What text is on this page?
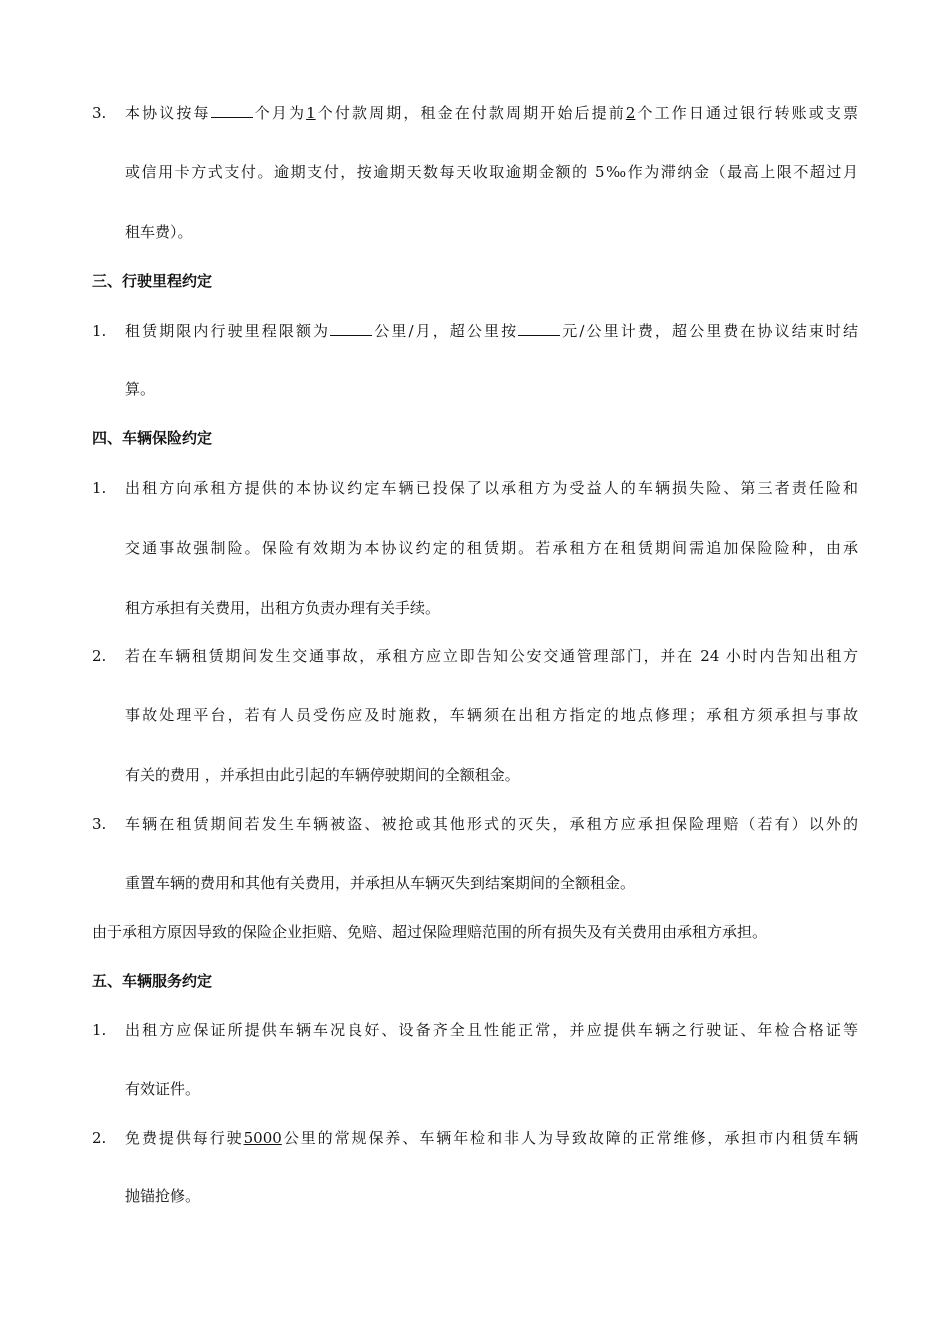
3. 本协议按每	个月为1个付款周期，租金在付款周期开始后提前2个工作日通过银行转账或支票
或信用卡方式支付。逾期支付，按逾期天数每天收取逾期金额的 5‰作为滞纳金（最高上限不超过月
租车费）。
三、行驶里程约定
1. 租赁期限内行驶里程限额为	公里/月，超公里按	元/公里计费，超公里费在协议结束时结
算。
四、车辆保险约定
1. 出租方向承租方提供的本协议约定车辆已投保了以承租方为受益人的车辆损失险、第三者责任险和
交通事故强制险。保险有效期为本协议约定的租赁期。若承租方在租赁期间需追加保险险种，由承
租方承担有关费用，出租方负责办理有关手续。
2. 若在车辆租赁期间发生交通事故，承租方应立即告知公安交通管理部门，并在 24 小时内告知出租方
事故处理平台，若有人员受伤应及时施救，车辆须在出租方指定的地点修理；承租方须承担与事故
有关的费用 ，并承担由此引起的车辆停驶期间的全额租金。
3. 车辆在租赁期间若发生车辆被盗、被抢或其他形式的灭失，承租方应承担保险理赔（若有）以外的
重置车辆的费用和其他有关费用，并承担从车辆灭失到结案期间的全额租金。
由于承租方原因导致的保险企业拒赔、免赔、超过保险理赔范围的所有损失及有关费用由承租方承担。
五、车辆服务约定
1. 出租方应保证所提供车辆车况良好、设备齐全且性能正常，并应提供车辆之行驶证、年检合格证等
有效证件。
2. 免费提供每行驶5000公里的常规保养、车辆年检和非人为导致故障的正常维修，承担市内租赁车辆
抛锚抢修。
